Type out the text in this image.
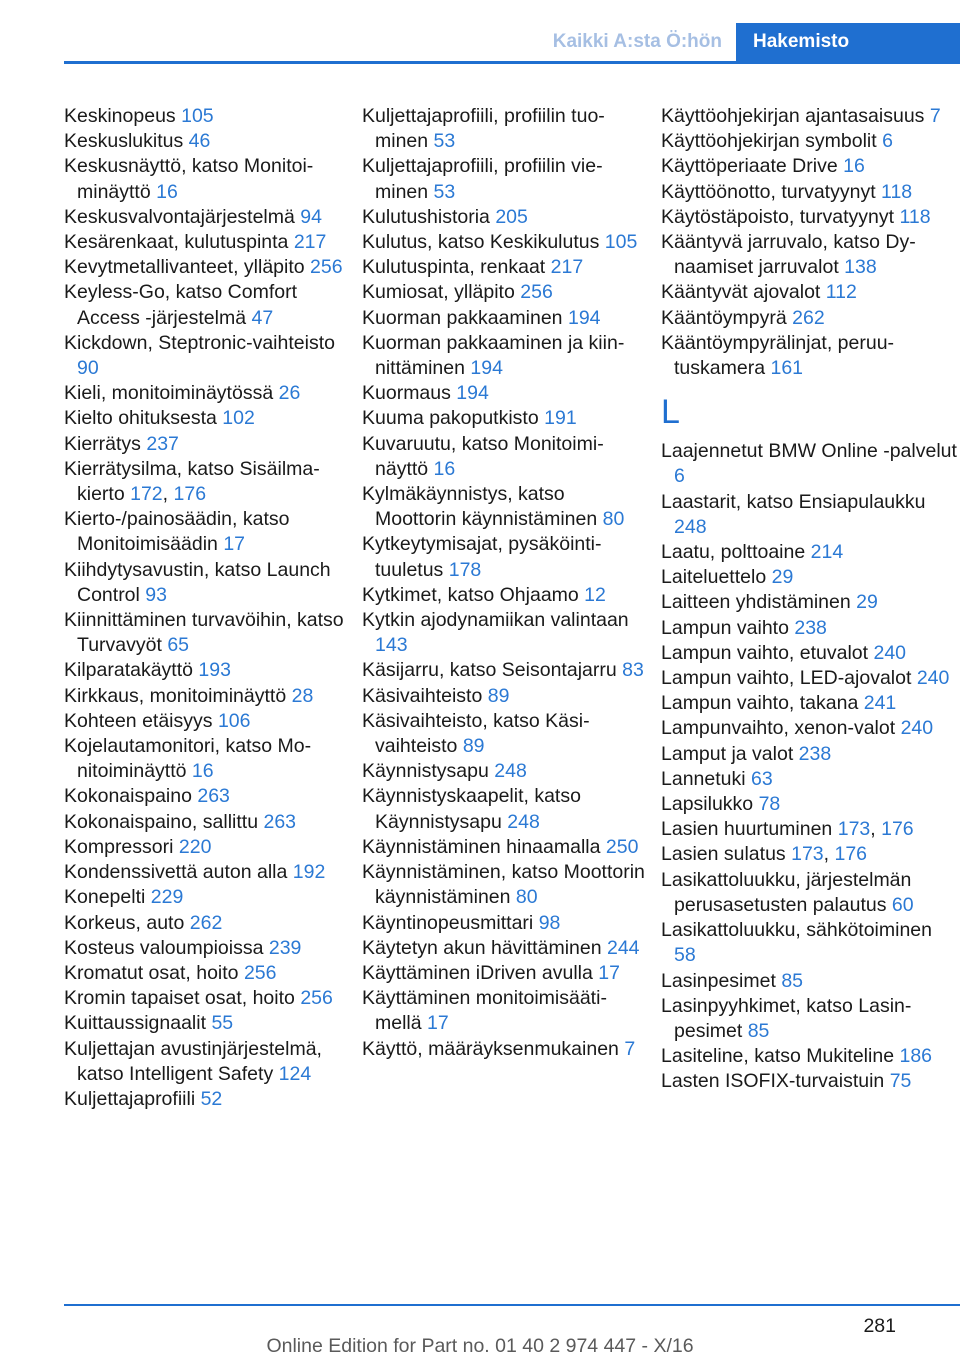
Kaikki A:sta Ö:hön	Hakemisto
Keskinopeus 105
Keskuslukitus 46
Keskusnäyttö, katso Monitoiminäyttö 16
Keskusvalvontajärjestelmä 94
Kesärenkaat, kulutuspinta 217
Kevytmetallivanteet, ylläpito 256
Keyless-Go, katso Comfort Access -järjestelmä 47
Kickdown, Steptronic-vaihteisto 90
Kieli, monitoiminäytössä 26
Kielto ohituksesta 102
Kierrätys 237
Kierrätysilma, katso Sisäilmakierto 172, 176
Kierto-/painosäädin, katso Monitoimisäädin 17
Kiihdytysavustin, katso Launch Control 93
Kiinnittäminen turvavöihin, katso Turvavyöt 65
Kilparatakäyttö 193
Kirkkaus, monitoiminäyttö 28
Kohteen etäisyys 106
Kojelautamonitori, katso Monitoiminäyttö 16
Kokonaispaino 263
Kokonaispaino, sallittu 263
Kompressori 220
Kondenssivettä auton alla 192
Konepelti 229
Korkeus, auto 262
Kosteus valoumpioissa 239
Kromatut osat, hoito 256
Kromin tapaiset osat, hoito 256
Kuittaussignaalit 55
Kuljettajan avustinjärjestelmä, katso Intelligent Safety 124
Kuljettajaprofiili 52
Kuljettajaprofiili, profiilin tuominen 53
Kuljettajaprofiili, profiilin vieminen 53
Kulutushistoria 205
Kulutus, katso Keskikulutus 105
Kulutuspinta, renkaat 217
Kumiosat, ylläpito 256
Kuorman pakkaaminen 194
Kuorman pakkaaminen ja kiinnittäminen 194
Kuormaus 194
Kuuma pakoputkisto 191
Kuvaruutu, katso Monitoiminäyttö 16
Kylmäkäynnistys, katso Moottorin käynnistäminen 80
Kytkeytymisajat, pysäköintituuletus 178
Kytkimet, katso Ohjaamo 12
Kytkin ajodynamiikan valintaan 143
Käsijarru, katso Seisontajarru 83
Käsivaihteisto 89
Käsivaihteisto, katso Käsivaihteisto 89
Käynnistysapu 248
Käynnistyskaapelit, katso Käynnistysapu 248
Käynnistäminen hinaamalla 250
Käynnistäminen, katso Moottorin käynnistäminen 80
Käyntinopeusmittari 98
Käytetyn akun hävittäminen 244
Käyttäminen iDriven avulla 17
Käyttäminen monitoimisäätimellä 17
Käyttö, määräyksenmukainen 7
Käyttöohjekirjan ajantasaisuus 7
Käyttöohjekirjan symbolit 6
Käyttöperiaate Drive 16
Käyttöönotto, turvatyynyt 118
Käytöstäpoisto, turvatyynyt 118
Kääntyvä jarruvalo, katso Dynaamiset jarruvalot 138
Kääntyvät ajovalot 112
Kääntöympyrä 262
Kääntöympyrälinjat, peruutuskamera 161
L
Laajennetut BMW Online -palvelut 6
Laastarit, katso Ensiapulaukku 248
Laatu, polttoaine 214
Laiteluettelo 29
Laitteen yhdistäminen 29
Lampun vaihto 238
Lampun vaihto, etuvalot 240
Lampun vaihto, LED-ajovalot 240
Lampun vaihto, takana 241
Lampunvaihto, xenon-valot 240
Lamput ja valot 238
Lannetuki 63
Lapsilukko 78
Lasien huurtuminen 173, 176
Lasien sulatus 173, 176
Lasikattoluukku, järjestelmän perusasetusten palautus 60
Lasikattoluukku, sähkötoiminen 58
Lasinpesimet 85
Lasinpyyhkimet, katso Lasinpesimet 85
Lasiteline, katso Mukiteline 186
Lasten ISOFIX-turvaistuin 75
281
Online Edition for Part no. 01 40 2 974 447 - X/16
